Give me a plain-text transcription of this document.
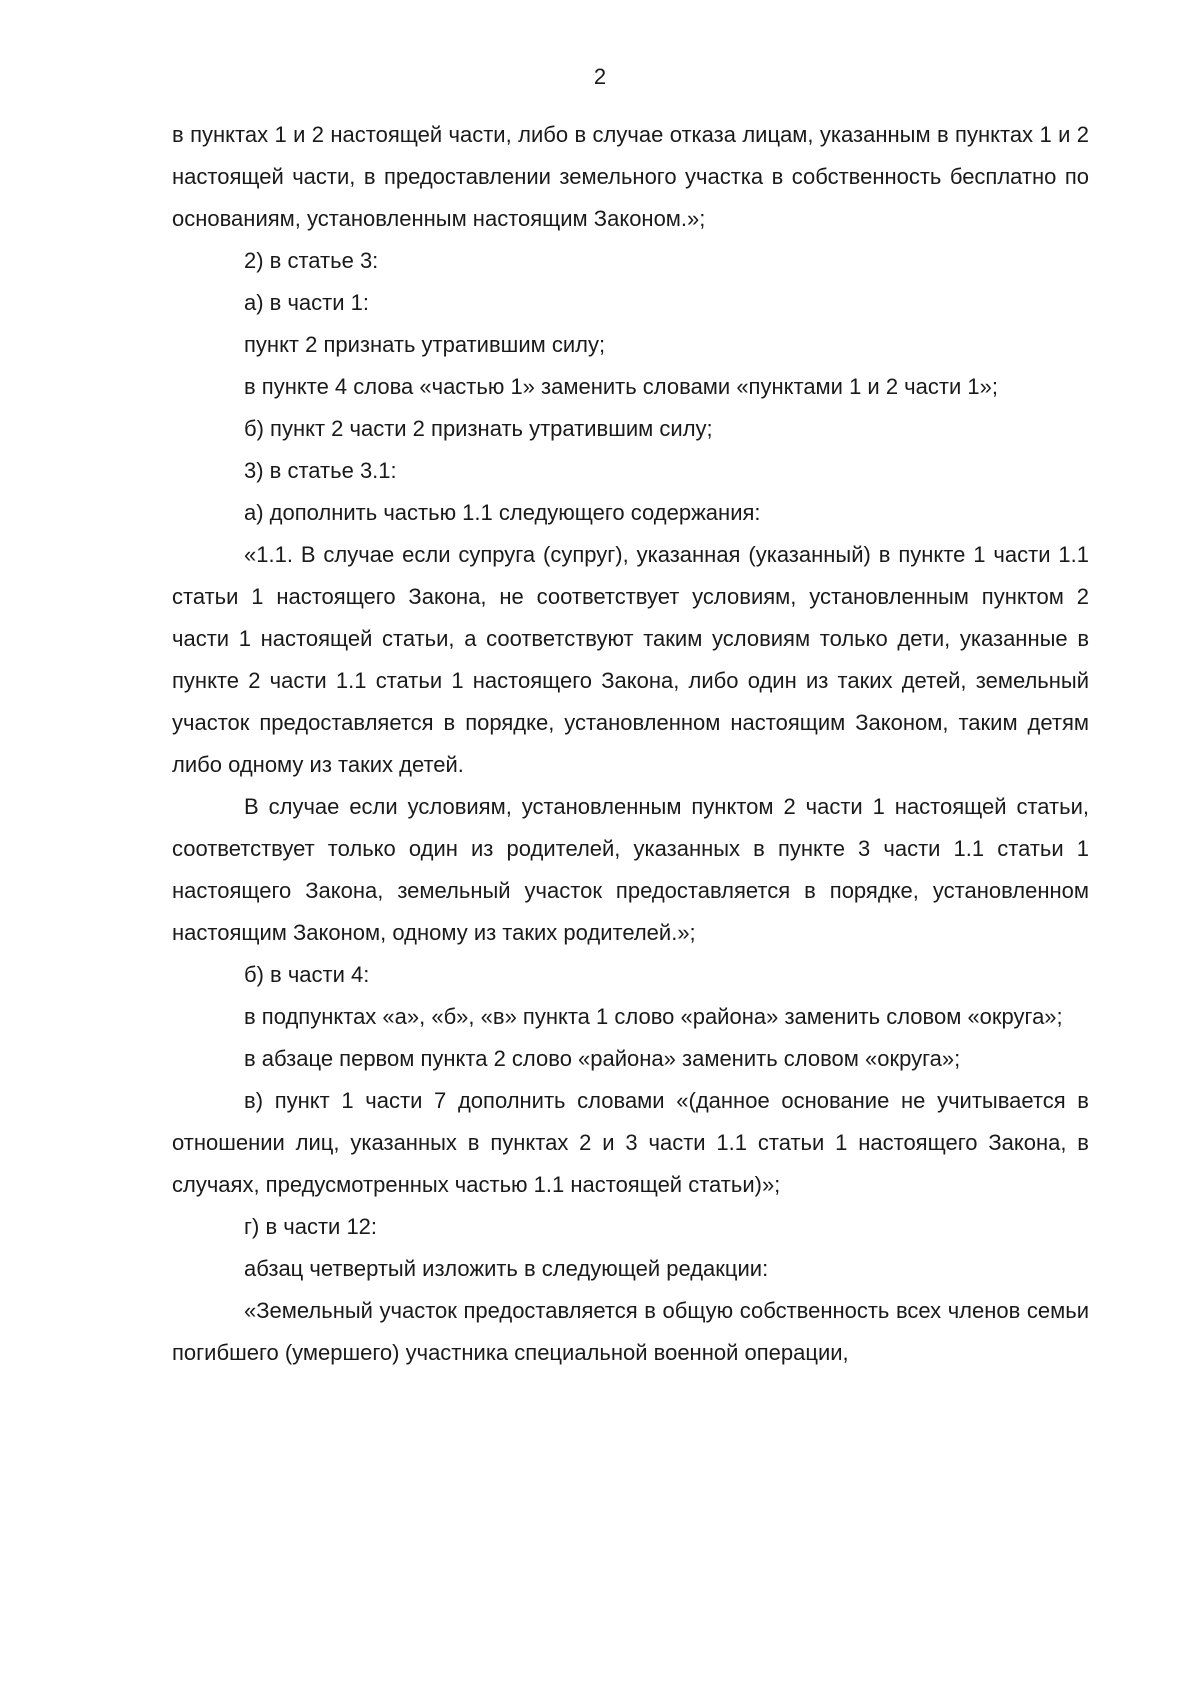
2

в пунктах 1 и 2 настоящей части, либо в случае отказа лицам, указанным в пунктах 1 и 2 настоящей части, в предоставлении земельного участка в собственность бесплатно по основаниям, установленным настоящим Законом.»;

2) в статье 3:

а) в части 1:

пункт 2 признать утратившим силу;

в пункте 4 слова «частью 1» заменить словами «пунктами 1 и 2 части 1»;

б) пункт 2 части 2 признать утратившим силу;

3) в статье 3.1:

а) дополнить частью 1.1 следующего содержания:

«1.1. В случае если супруга (супруг), указанная (указанный) в пункте 1 части 1.1 статьи 1 настоящего Закона, не соответствует условиям, установленным пунктом 2 части 1 настоящей статьи, а соответствуют таким условиям только дети, указанные в пункте 2 части 1.1 статьи 1 настоящего Закона, либо один из таких детей, земельный участок предоставляется в порядке, установленном настоящим Законом, таким детям либо одному из таких детей.

В случае если условиям, установленным пунктом 2 части 1 настоящей статьи, соответствует только один из родителей, указанных в пункте 3 части 1.1 статьи 1 настоящего Закона, земельный участок предоставляется в порядке, установленном настоящим Законом, одному из таких родителей.»;

б) в части 4:

в подпунктах «а», «б», «в» пункта 1 слово «района» заменить словом «округа»;

в абзаце первом пункта 2 слово «района» заменить словом «округа»;

в) пункт 1 части 7 дополнить словами «(данное основание не учитывается в отношении лиц, указанных в пунктах 2 и 3 части 1.1 статьи 1 настоящего Закона, в случаях, предусмотренных частью 1.1 настоящей статьи)»;

г) в части 12:

абзац четвертый изложить в следующей редакции:

«Земельный участок предоставляется в общую собственность всех членов семьи погибшего (умершего) участника специальной военной операции,
